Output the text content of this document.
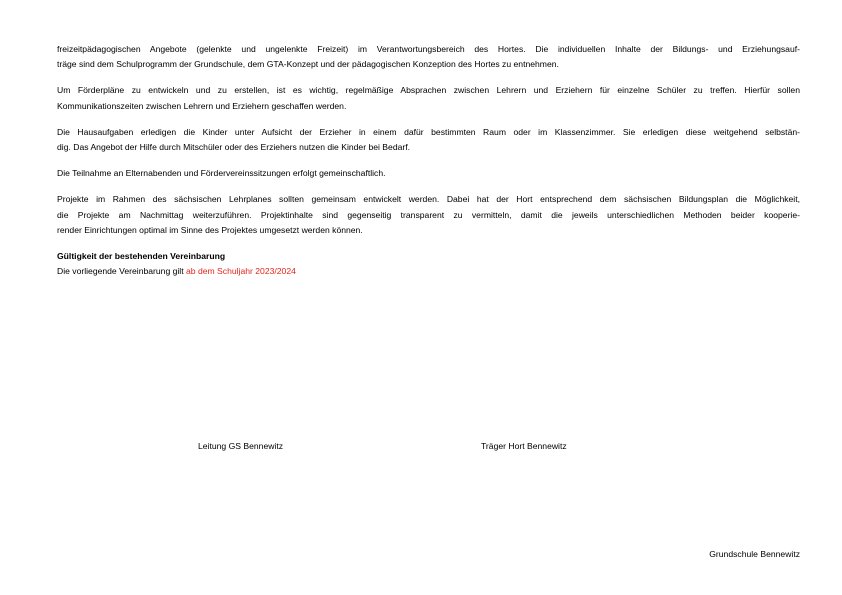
freizeitpädagogischen Angebote (gelenkte und ungelenkte Freizeit) im Verantwortungsbereich des Hortes. Die individuellen Inhalte der Bildungs- und Erziehungsauf-
träge sind dem Schulprogramm der Grundschule, dem GTA-Konzept und der pädagogischen Konzeption des Hortes zu entnehmen.

Um Förderpläne zu entwickeln und zu erstellen, ist es wichtig, regelmäßige Absprachen zwischen Lehrern und Erziehern für einzelne Schüler zu treffen. Hierfür sollen
Kommunikationszeiten zwischen Lehrern und Erziehern geschaffen werden.

Die Hausaufgaben erledigen die Kinder unter Aufsicht der Erzieher in einem dafür bestimmten Raum oder im Klassenzimmer. Sie erledigen diese weitgehend selbstän-
dig. Das Angebot der Hilfe durch Mitschüler oder des Erziehers nutzen die Kinder bei Bedarf.

Die Teilnahme an Elternabenden und Fördervereinssitzungen erfolgt gemeinschaftlich.

Projekte im Rahmen des sächsischen Lehrplanes sollten gemeinsam entwickelt werden. Dabei hat der Hort entsprechend dem sächsischen Bildungsplan die Möglichkeit,
die Projekte am Nachmittag weiterzuführen. Projektinhalte sind gegenseitig transparent zu vermitteln, damit die jeweils unterschiedlichen Methoden beider kooperie-
render Einrichtungen optimal im Sinne des Projektes umgesetzt werden können.

Gültigkeit der bestehenden Vereinbarung

Die vorliegende Vereinbarung gilt ab dem Schuljahr 2023/2024

Leitung GS Bennewitz	Träger Hort Bennewitz
Grundschule Bennewitz
